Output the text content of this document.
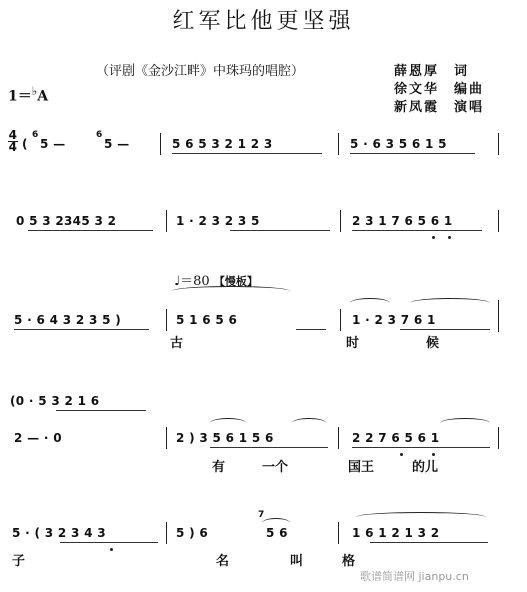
红军比他更坚强
（评剧《金沙江畔》中珠玛的唱腔）	薛恩厚　词
徐文华　编曲
新凤霞　演唱
1＝♭A
4
4 (
6
5 —
6
5 —	5 6 5 3 2 1 2 3	5 · 6 3 5 6 1 5
0 5 3 2345 3 2	1 · 2 3 2 3 5	2 3 1 7 6 5 6 1
♩＝80 【慢板】
5 · 6 4 3 2 3 5 )	5 1 6 5 6	1 · 2 3 7 6 1
古	时	候
(0 · 5 3 2 1 6
2 — · 0	2 ) 3 5 6 1 5 6	2 2 7 6 5 6 1
有	一个	国王	的儿
5 · ( 3 2 3 4 3	5 ) 6
7
5 6	1 6 1 2 1 3 2
子	名	叫	格
歌谱简谱网 jianpu.cn
